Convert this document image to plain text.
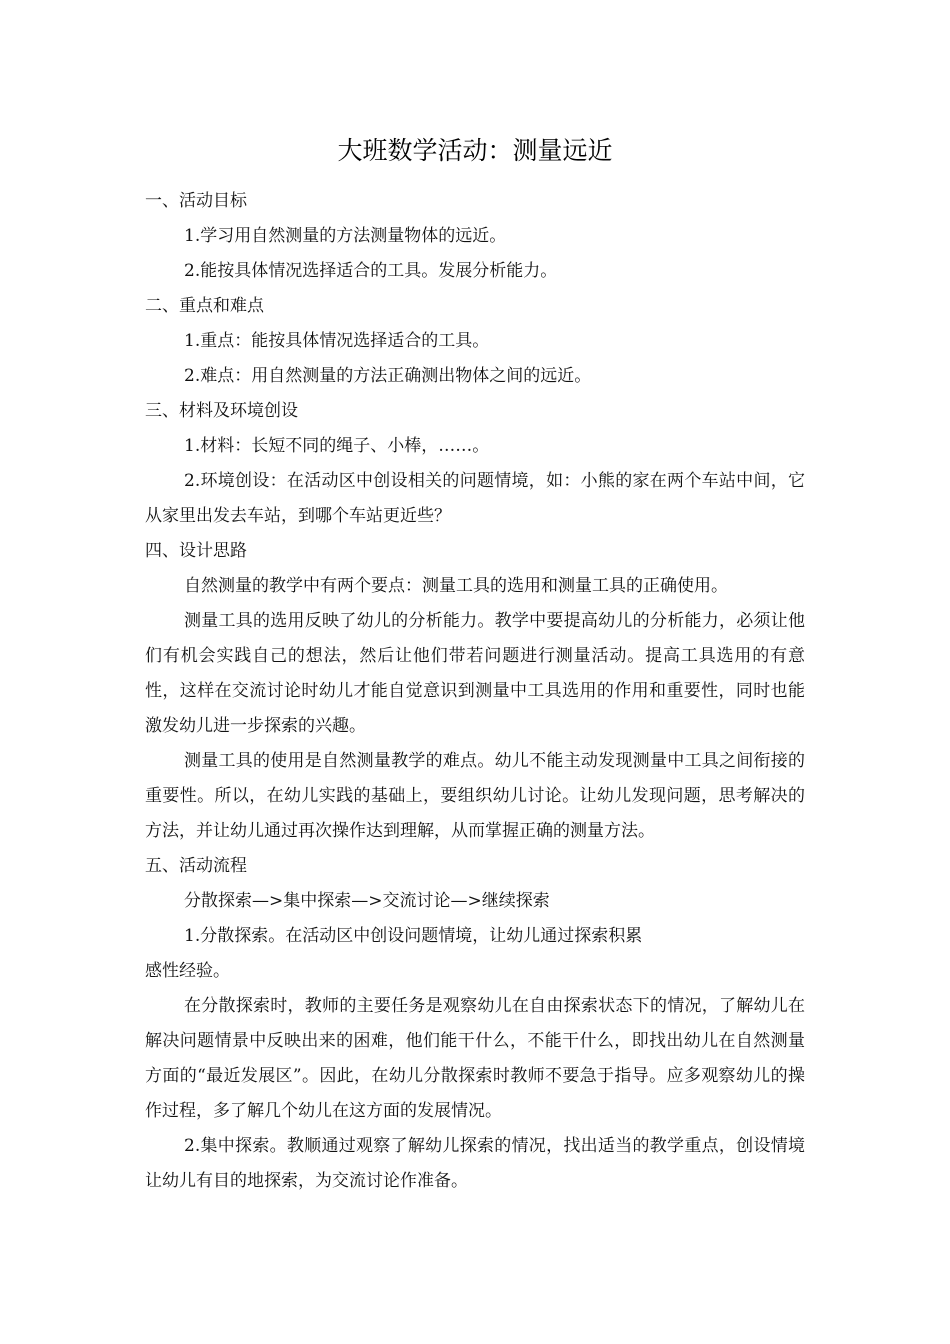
大班数学活动：测量远近

一、活动目标

1.学习用自然测量的方法测量物体的远近。

2.能按具体情况选择适合的工具。发展分析能力。

二、重点和难点

1.重点：能按具体情况选择适合的工具。

2.难点：用自然测量的方法正确测出物体之间的远近。

三、材料及环境创设

1.材料：长短不同的绳子、小棒，……。

2.环境创设：在活动区中创设相关的问题情境，如：小熊的家在两个车站中间，它从家里出发去车站，到哪个车站更近些？

四、设计思路

自然测量的教学中有两个要点：测量工具的选用和测量工具的正确使用。

测量工具的选用反映了幼儿的分析能力。教学中要提高幼儿的分析能力，必须让他们有机会实践自己的想法，然后让他们带若问题进行测量活动。提高工具选用的有意性，这样在交流讨论时幼儿才能自觉意识到测量中工具选用的作用和重要性，同时也能激发幼儿进一步探索的兴趣。

测量工具的使用是自然测量教学的难点。幼儿不能主动发现测量中工具之间衔接的重要性。所以，在幼儿实践的基础上，要组织幼儿讨论。让幼儿发现问题，思考解决的方法，并让幼儿通过再次操作达到理解，从而掌握正确的测量方法。

五、活动流程

分散探索—>集中探索—>交流讨论—>继续探索

1.分散探索。在活动区中创设问题情境，让幼儿通过探索积累

感性经验。

在分散探索时，教师的主要任务是观察幼儿在自由探索状态下的情况，了解幼儿在解决问题情景中反映出来的困难，他们能干什么，不能干什么，即找出幼儿在自然测量方面的“最近发展区”。因此，在幼儿分散探索时教师不要急于指导。应多观察幼儿的操作过程，多了解几个幼儿在这方面的发展情况。

2.集中探索。教顺通过观察了解幼儿探索的情况，找出适当的教学重点，创设情境让幼儿有目的地探索，为交流讨论作准备。
